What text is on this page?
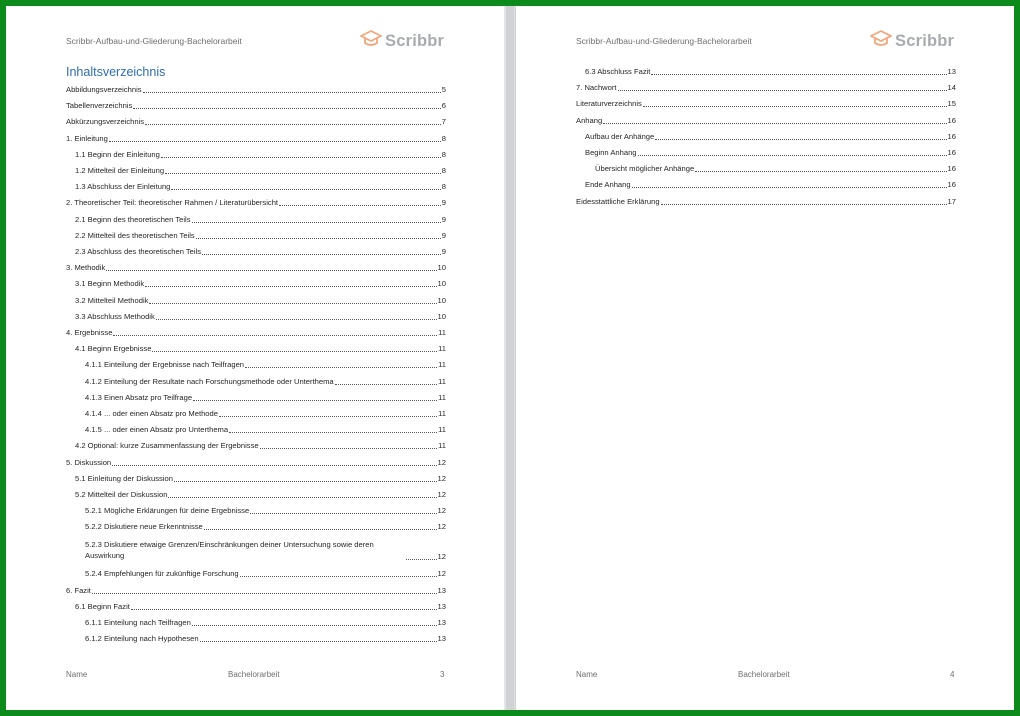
Scribbr-Aufbau-und-Gliederung-Bachelorarbeit	Scribbr
Inhaltsverzeichnis
Abbildungsverzeichnis	5
Tabellenverzeichnis	6
Abkürzungsverzeichnis	7
1. Einleitung	8
1.1 Beginn der Einleitung	8
1.2 Mittelteil der Einleitung	8
1.3 Abschluss der Einleitung	8
2. Theoretischer Teil: theoretischer Rahmen / Literaturübersicht	9
2.1 Beginn des theoretischen Teils	9
2.2 Mittelteil des theoretischen Teils	9
2.3 Abschluss des theoretischen Teils	9
3. Methodik	10
3.1 Beginn Methodik	10
3.2 Mittelteil Methodik	10
3.3 Abschluss Methodik	10
4. Ergebnisse	11
4.1 Beginn Ergebnisse	11
4.1.1 Einteilung der Ergebnisse nach Teilfragen	11
4.1.2 Einteilung der Resultate nach Forschungsmethode oder Unterthema	11
4.1.3 Einen Absatz pro Teilfrage	11
4.1.4 ... oder einen Absatz pro Methode	11
4.1.5 ... oder einen Absatz pro Unterthema	11
4.2 Optional: kurze Zusammenfassung der Ergebnisse	11
5. Diskussion	12
5.1 Einleitung der Diskussion	12
5.2 Mittelteil der Diskussion	12
5.2.1 Mögliche Erklärungen für deine Ergebnisse	12
5.2.2 Diskutiere neue Erkenntnisse	12
5.2.3 Diskutiere etwaige Grenzen/Einschränkungen deiner Untersuchung sowie deren Auswirkung	12
5.2.4 Empfehlungen für zukünftige Forschung	12
6. Fazit	13
6.1 Beginn Fazit	13
6.1.1 Einteilung nach Teilfragen	13
6.1.2 Einteilung nach Hypothesen	13
Name	Bachelorarbeit	3
Scribbr-Aufbau-und-Gliederung-Bachelorarbeit	Scribbr
6.3 Abschluss Fazit	13
7. Nachwort	14
Literaturverzeichnis	15
Anhang	16
Aufbau der Anhänge	16
Beginn Anhang	16
Übersicht möglicher Anhänge	16
Ende Anhang	16
Eidesstattliche Erklärung	17
Name	Bachelorarbeit	4
